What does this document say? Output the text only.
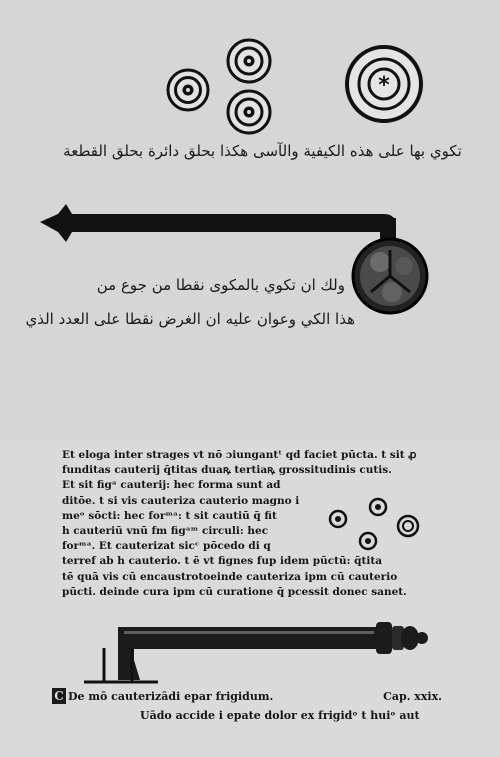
*
تكوي بها على هذه الكيفية والآسى هكذا بحلق دائرة بحلق القطعة
ولك ان تكوي بالمكوى نقطا من جوع من
هذا الكي وعوان عليه ان الغرض نقطا على العدد الذي
Et eloga inter strages vt nō ɔiungantᵗ qd faciet pūcta. t sit ꝓ
funditas cauterij q̄titas duaꝶ tertiaꝶ grossitudinis cutis.
Et sit figᵃ cauterij: hec forma sunt ad
ditōe. t si vis cauteriza cauterio magno i
meᵒ sōcti: hec forᵐᵃ: t sit cautiū q̄ fit
h cauteriū vnū fm figᵃᵐ circuli: hec
forᵐᵃ. Et cauterizat sicᶜ pōcedo di q
terref ab h cauterio. t ē vt fignes fup idem pūctū: q̄tita
tē quā vis cū encaustrotoeinde cauteriza ipm cū cauterio
pūcti. deinde cura ipm cū curatione q̄ pcessit donec sanet.
C De mō cauterizādi epar frigidum.	Cap. xxix.
Uādo accide i epate dolor ex frigidᵒ t huiᵒ aut
